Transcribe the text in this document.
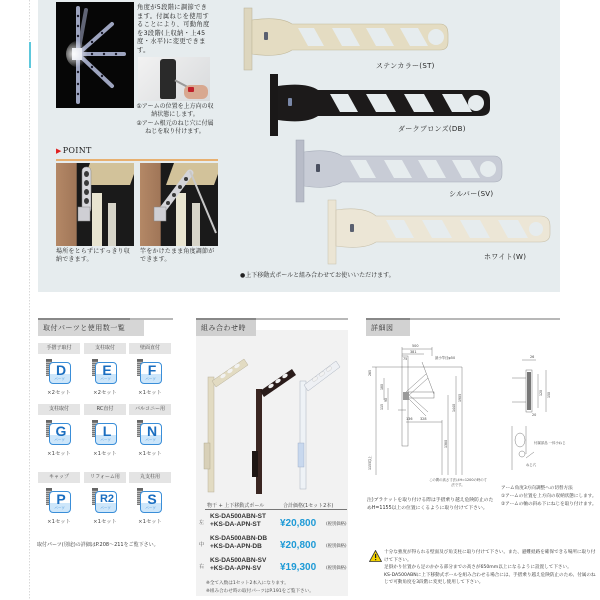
角度が5段階に調節できます。付属ねじを使用することにより、可動角度を3段階(上収納・上45度・水平)に変更できます。
①アームの位置を上方向の収納状態にします。
②アーム根元のねじ穴に付属ねじを取り付けます。
▶POINT
場所をとらずにすっきり収納できます。
竿をかけたまま角度調節ができます。
ステンカラー(ST)
ダークブロンズ(DB)
シルバー(SV)
ホワイト(W)
●上下移動式ポールと組み合わせてお使いいただけます。
取付パーツと使用数一覧
手摺子取付
D
パーツ
×2セット
支柱取付
E
パーツ
×2セット
壁面直付
F
パーツ
×1セット
支柱取付
G
パーツ
×1セット
RC直付
L
パーツ
×1セット
バルコニー用
N
パーツ
×1セット
キャップ
P
パーツ
×1セット
リフォーム用
R2
パーツ
×1セット
丸支柱用
S
パーツ
×1セット
取付パーツ(別途)の詳細はP.208〜211をご覧下さい。
組み合わせ時
物干 + 上下移動式ポール	合計価格(1セット2本)
左
KS-DA500ABN-ST
+KS-DA-APN-ST	¥20,800 (税別価格)
中
KS-DA500ABN-DB
+KS-DA-APN-DB	¥20,800 (税別価格)
右
KS-DA500ABN-SV
+KS-DA-APN-SV	¥19,300 (税別価格)
※全て入数は1セット2本入になります。
※組み合わせ時の取付パーツはP.191をご覧下さい。
詳細図
500
381
75	最小竿径φ50
136 328
26
20
付属部品 一体小ねじ
ねじ穴
265
180
115
90
1155以上
1380
1440
1905
120 150
この間の高さ寸法はH=1200の時の寸法です。
注)ブラケットを取り付ける際は手摺乗り越え危険防止のためH=1155以上の位置にくるように取り付けて下さい。
アーム角度3方向調整への切替方法
①アームの位置を上方向の収納状態にします。
②アームの軸の斜め下にねじを取り付けます。
十分な強度が得られる壁面及び角支柱に取り付けて下さい。また、避難経路を確保できる場所に取り付けて下さい。
足掛かり位置から足のかかる部分までの高さが650mm以上になるように設置して下さい。
KS-DA500ABNに上下移動式ポールを組み合わせる場合には、手摺乗り越え危険防止のため、付属のねじで可動角度を3段階に変更し使用して下さい。
